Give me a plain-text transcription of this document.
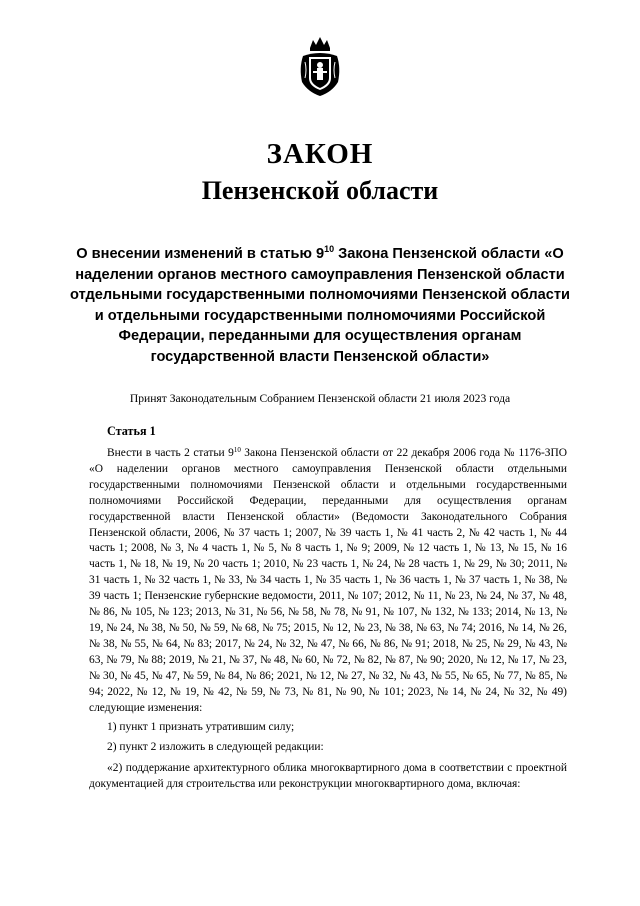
ЗАКОН
Пензенской области
О внесении изменений в статью $9^{10}$ Закона Пензенской области «О наделении органов местного самоуправления Пензенской области отдельными государственными полномочиями Пензенской области и отдельными государственными полномочиями Российской Федерации, переданными для осуществления органам государственной власти Пензенской области»
Принят Законодательным Собранием Пензенской области 21 июля 2023 года
Статья 1

Внести в часть 2 статьи $9^{10}$ Закона Пензенской области от 22 декабря 2006 года № 1176-ЗПО «О наделении органов местного самоуправления Пензенской области отдельными государственными полномочиями Пензенской области и отдельными государственными полномочиями Российской Федерации, переданными для осуществления органам государственной власти Пензенской области» (Ведомости Законодательного Собрания Пензенской области, 2006, № 37 часть 1; 2007, № 39 часть 1, № 41 часть 2, № 42 часть 1, № 44 часть 1; 2008, № 3, № 4 часть 1, № 5, № 8 часть 1, № 9; 2009, № 12 часть 1, № 13, № 15, № 16 часть 1, № 18, № 19, № 20 часть 1; 2010, № 23 часть 1, № 24, № 28 часть 1, № 29, № 30; 2011, № 31 часть 1, № 32 часть 1, № 33, № 34 часть 1, № 35 часть 1, № 36 часть 1, № 37 часть 1, № 38, № 39 часть 1; Пензенские губернские ведомости, 2011, № 107; 2012, № 11, № 23, № 24, № 37, № 48, № 86, № 105, № 123; 2013, № 31, № 56, № 58, № 78, № 91, № 107, № 132, № 133; 2014, № 13, № 19, № 24, № 38, № 50, № 59, № 68, № 75; 2015, № 12, № 23, № 38, № 63, № 74; 2016, № 14, № 26, № 38, № 55, № 64, № 83; 2017, № 24, № 32, № 47, № 66, № 86, № 91; 2018, № 25, № 29, № 43, № 63, № 79, № 88; 2019, № 21, № 37, № 48, № 60, № 72, № 82, № 87, № 90; 2020, № 12, № 17, № 23, № 30, № 45, № 47, № 59, № 84, № 86; 2021, № 12, № 27, № 32, № 43, № 55, № 65, № 77, № 85, № 94; 2022, № 12, № 19, № 42, № 59, № 73, № 81, № 90, № 101; 2023, № 14, № 24, № 32, № 49) следующие изменения:

1) пункт 1 признать утратившим силу;

2) пункт 2 изложить в следующей редакции:

«2) поддержание архитектурного облика многоквартирного дома в соответствии с проектной документацией для строительства или реконструкции многоквартирного дома, включая:
